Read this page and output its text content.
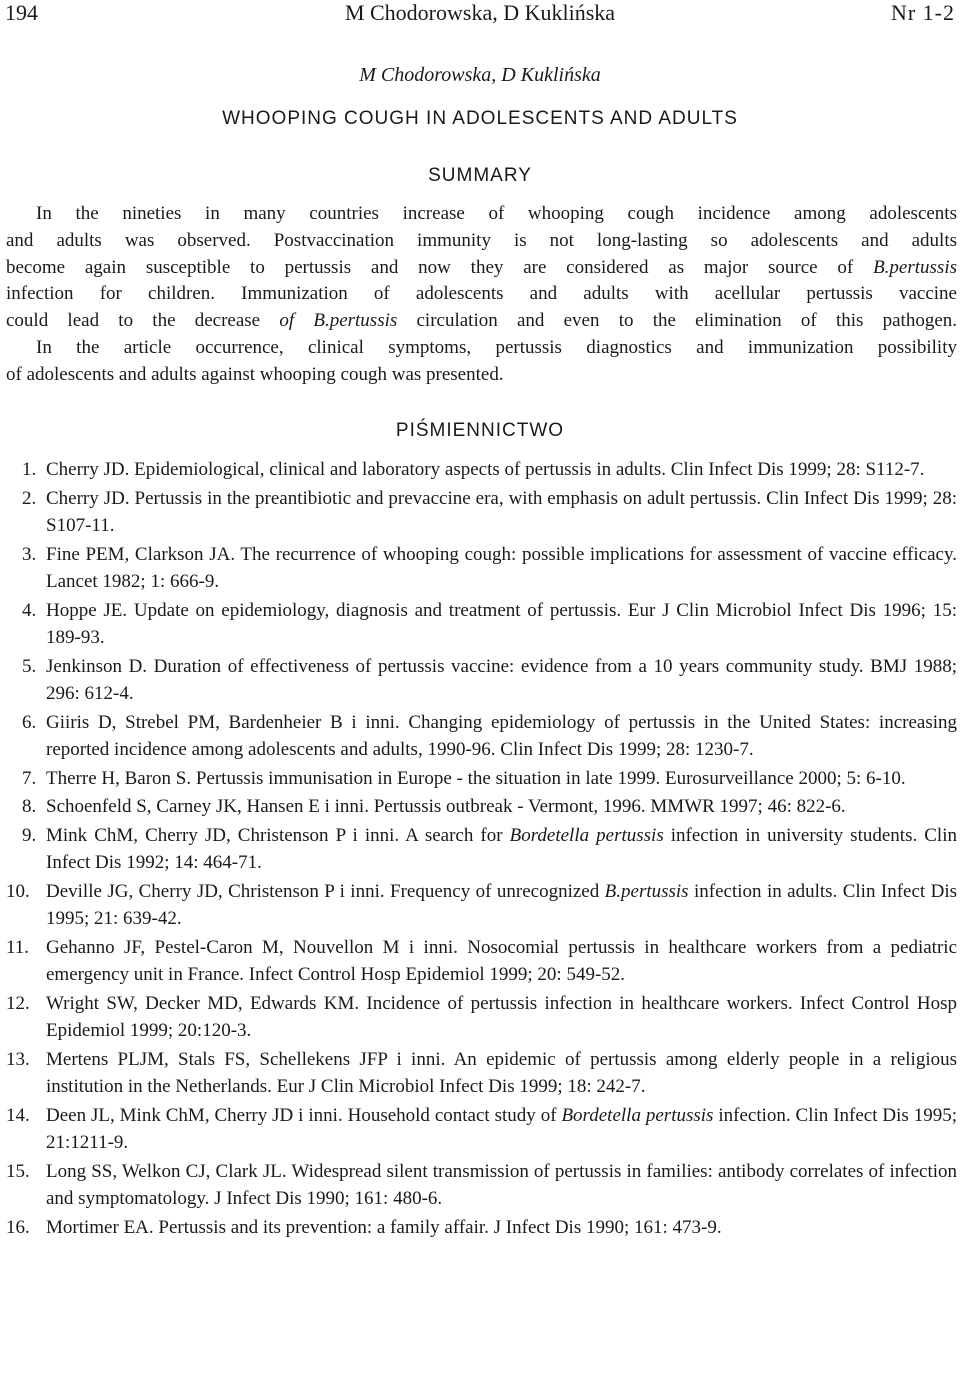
194	M Chodorowska, D Kuklińska	Nr 1-2
M Chodorowska, D Kuklińska
WHOOPING COUGH IN ADOLESCENTS AND ADULTS
SUMMARY
In the nineties in many countries increase of whooping cough incidence among adolescents
and adults was observed. Postvaccination immunity is not long-lasting so adolescents and adults
become again susceptible to pertussis and now they are considered as major source of B.pertussis
infection for children. Immunization of adolescents and adults with acellular pertussis vaccine
could lead to the decrease of B.pertussis circulation and even to the elimination of this pathogen.
In the article occurrence, clinical symptoms, pertussis diagnostics and immunization possibility
of adolescents and adults against whooping cough was presented.
PIŚMIENNICTWO
1. Cherry JD. Epidemiological, clinical and laboratory aspects of pertussis in adults. Clin Infect Dis 1999; 28: S112-7.
2. Cherry JD. Pertussis in the preantibiotic and prevaccine era, with emphasis on adult pertussis. Clin Infect Dis 1999; 28: S107-11.
3. Fine PEM, Clarkson JA. The recurrence of whooping cough: possible implications for assessment of vaccine efficacy. Lancet 1982; 1: 666-9.
4. Hoppe JE. Update on epidemiology, diagnosis and treatment of pertussis. Eur J Clin Microbiol Infect Dis 1996; 15: 189-93.
5. Jenkinson D. Duration of effectiveness of pertussis vaccine: evidence from a 10 years community study. BMJ 1988; 296: 612-4.
6. Giiris D, Strebel PM, Bardenheier B i inni. Changing epidemiology of pertussis in the United States: increasing reported incidence among adolescents and adults, 1990-96. Clin Infect Dis 1999; 28: 1230-7.
7. Therre H, Baron S. Pertussis immunisation in Europe - the situation in late 1999. Eurosurveillance 2000; 5: 6-10.
8. Schoenfeld S, Carney JK, Hansen E i inni. Pertussis outbreak - Vermont, 1996. MMWR 1997; 46: 822-6.
9. Mink ChM, Cherry JD, Christenson P i inni. A search for Bordetella pertussis infection in university students. Clin Infect Dis 1992; 14: 464-71.
10. Deville JG, Cherry JD, Christenson P i inni. Frequency of unrecognized B.pertussis infection in adults. Clin Infect Dis 1995; 21: 639-42.
11. Gehanno JF, Pestel-Caron M, Nouvellon M i inni. Nosocomial pertussis in healthcare workers from a pediatric emergency unit in France. Infect Control Hosp Epidemiol 1999; 20: 549-52.
12. Wright SW, Decker MD, Edwards KM. Incidence of pertussis infection in healthcare workers. Infect Control Hosp Epidemiol 1999; 20:120-3.
13. Mertens PLJM, Stals FS, Schellekens JFP i inni. An epidemic of pertussis among elderly people in a religious institution in the Netherlands. Eur J Clin Microbiol Infect Dis 1999; 18: 242-7.
14. Deen JL, Mink ChM, Cherry JD i inni. Household contact study of Bordetella pertussis infection. Clin Infect Dis 1995; 21:1211-9.
15. Long SS, Welkon CJ, Clark JL. Widespread silent transmission of pertussis in families: antibody correlates of infection and symptomatology. J Infect Dis 1990; 161: 480-6.
16. Mortimer EA. Pertussis and its prevention: a family affair. J Infect Dis 1990; 161: 473-9.
